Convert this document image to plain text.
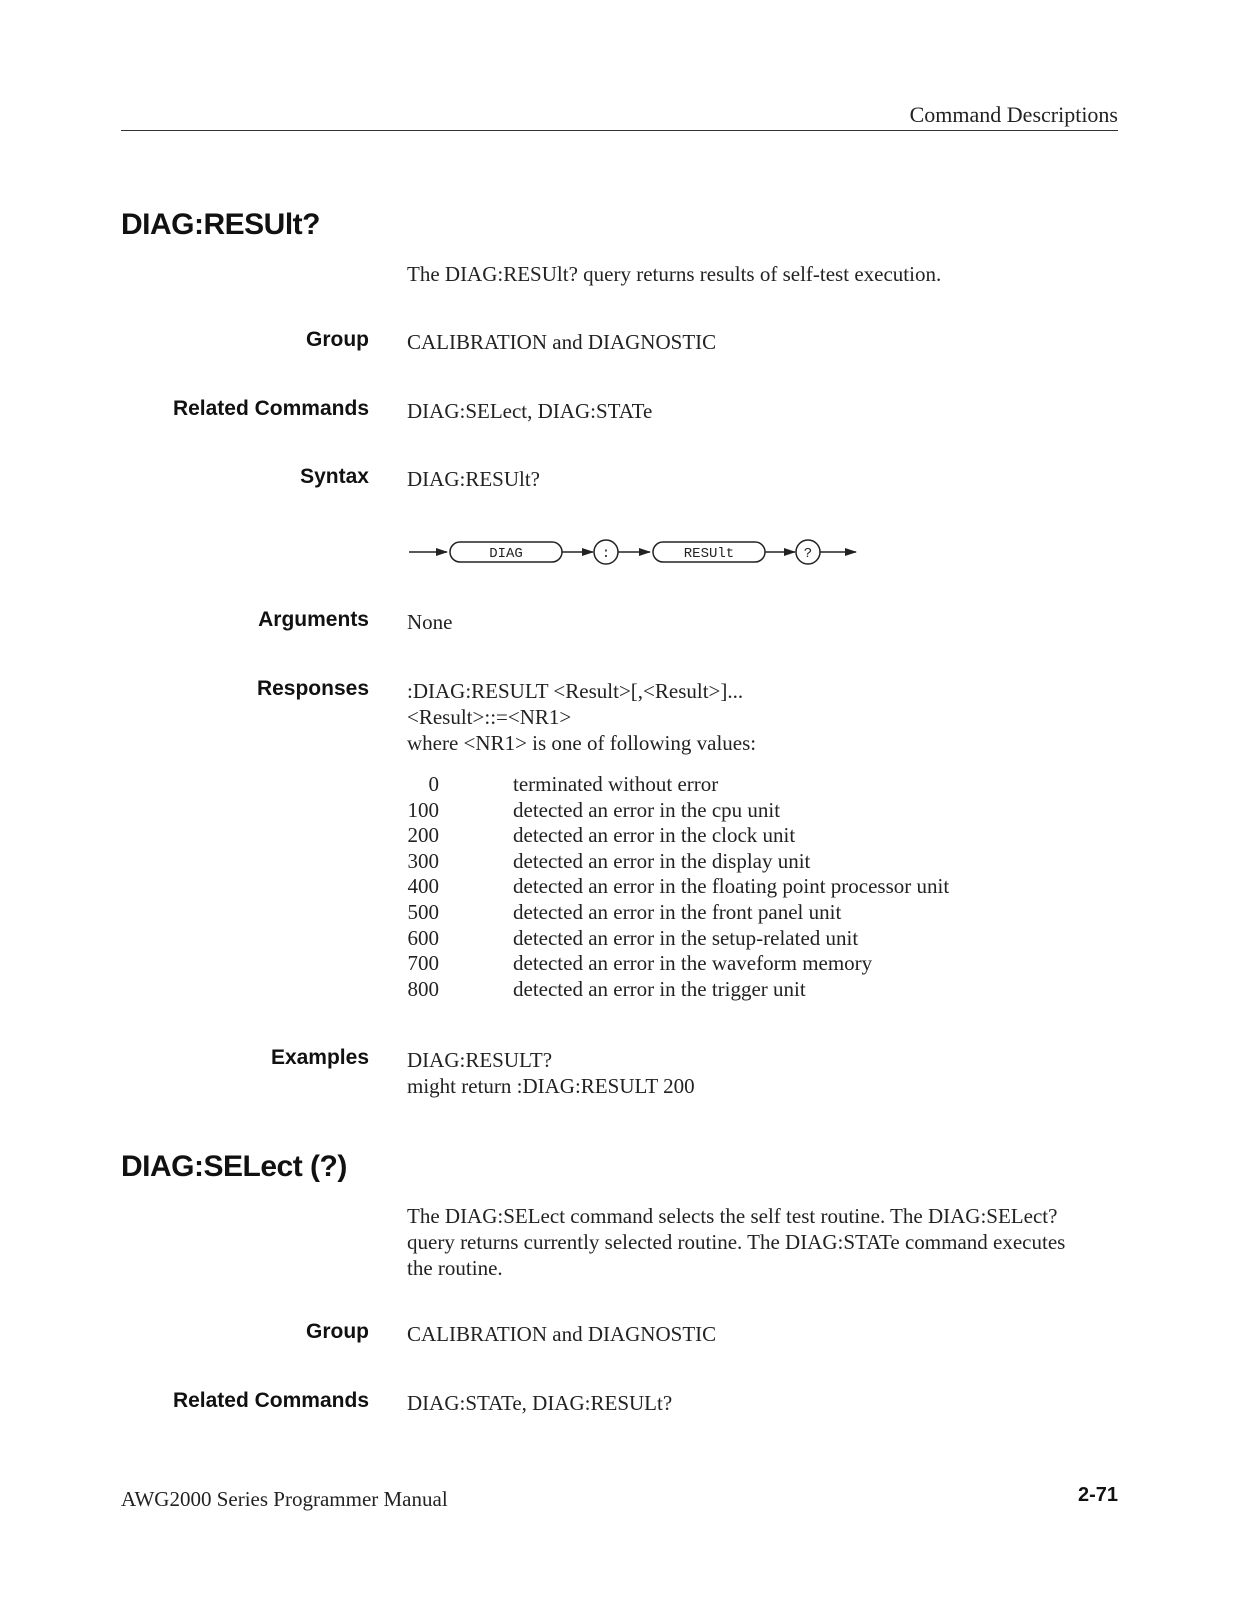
Command Descriptions
DIAG:RESUlt?
The DIAG:RESUlt? query returns results of self-test execution.
Group CALIBRATION and DIAGNOSTIC
Related Commands DIAG:SELect, DIAG:STATe
Syntax DIAG:RESUlt?
DIAG	:	RESUlt	?
Arguments None
Responses :DIAG:RESULT <Result>[,<Result>]...
<Result>::=<NR1>
where <NR1> is one of following values:
0	terminated without error
100	detected an error in the cpu unit
200	detected an error in the clock unit
300	detected an error in the display unit
400	detected an error in the floating point processor unit
500	detected an error in the front panel unit
600	detected an error in the setup-related unit
700	detected an error in the waveform memory
800	detected an error in the trigger unit
Examples DIAG:RESULT?
might return :DIAG:RESULT 200
DIAG:SELect (?)
The DIAG:SELect command selects the self test routine. The DIAG:SELect?
query returns currently selected routine. The DIAG:STATe command executes
the routine.
Group CALIBRATION and DIAGNOSTIC
Related Commands DIAG:STATe, DIAG:RESULt?
AWG2000 Series Programmer Manual	2-71
